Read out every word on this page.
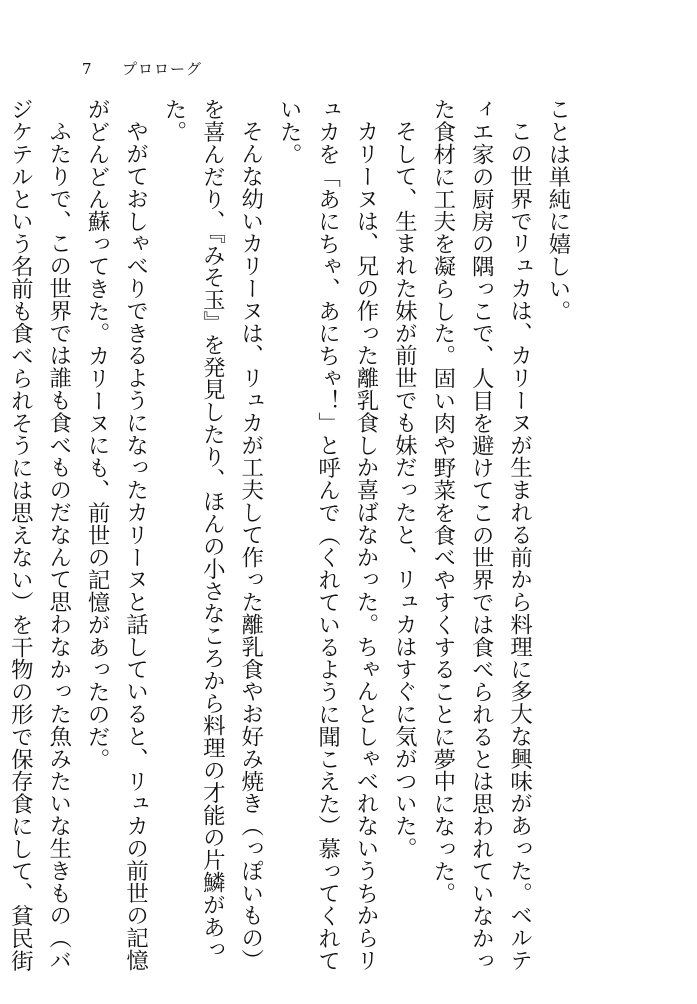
7	プロローグ

ことは単純に嬉しい。

この世界でリュカは、カリーヌが生まれる前から料理に多大な興味があった。ベルティエ家の厨房の隅っこで、人目を避けてこの世界では食べられるとは思われていなかった食材に工夫を凝らした。固い肉や野菜を食べやすくすることに夢中になった。

そして、生まれた妹が前世でも妹だったと、リュカはすぐに気がついた。

カリーヌは、兄の作った離乳食しか喜ばなかった。ちゃんとしゃべれないうちからリュカを「あにちゃ、あにちゃ！」と呼んで（くれているように聞こえた）慕ってくれていた。

そんな幼いカリーヌは、リュカが工夫して作った離乳食やお好み焼き（っぽいもの）を喜んだり、『みそ玉』を発見したり、ほんの小さなころから料理の才能の片鱗があった。

やがておしゃべりできるようになったカリーヌと話していると、リュカの前世の記憶がどんどん蘇ってきた。カリーヌにも、前世の記憶があったのだ。

ふたりで、この世界では誰も食べものだなんて思わなかった魚みたいな生きもの（バジケテルという名前も食べられそうには思えない）を干物の形で保存食にして、貧民街
